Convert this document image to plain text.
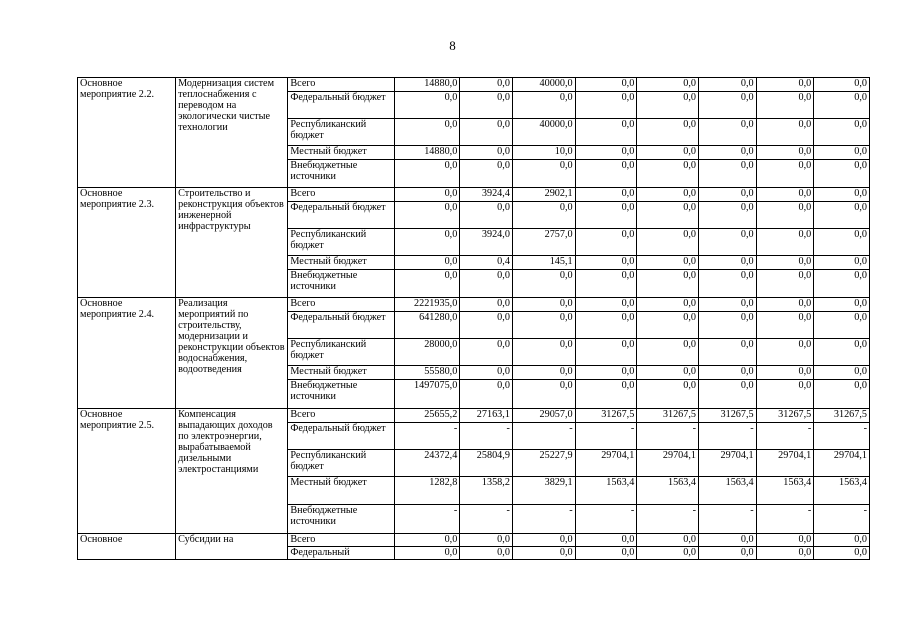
8
Основное мероприятие 2.2.	Модернизация систем теплоснабжения с переводом на экологически чистые технологии	Всего	14880,0	0,0	40000,0	0,0	0,0	0,0	0,0	0,0
		Федеральный бюджет	0,0	0,0	0,0	0,0	0,0	0,0	0,0	0,0
		Республиканский бюджет	0,0	0,0	40000,0	0,0	0,0	0,0	0,0	0,0
		Местный бюджет	14880,0	0,0	10,0	0,0	0,0	0,0	0,0	0,0
		Внебюджетные источники	0,0	0,0	0,0	0,0	0,0	0,0	0,0	0,0
Основное мероприятие 2.3.	Строительство и реконструкция объектов инженерной инфраструктуры	Всего	0,0	3924,4	2902,1	0,0	0,0	0,0	0,0	0,0
		Федеральный бюджет	0,0	0,0	0,0	0,0	0,0	0,0	0,0	0,0
		Республиканский бюджет	0,0	3924,0	2757,0	0,0	0,0	0,0	0,0	0,0
		Местный бюджет	0,0	0,4	145,1	0,0	0,0	0,0	0,0	0,0
		Внебюджетные источники	0,0	0,0	0,0	0,0	0,0	0,0	0,0	0,0
Основное мероприятие 2.4.	Реализация мероприятий по строительству, модернизации и реконструкции объектов водоснабжения, водоотведения	Всего	2221935,0	0,0	0,0	0,0	0,0	0,0	0,0	0,0
		Федеральный бюджет	641280,0	0,0	0,0	0,0	0,0	0,0	0,0	0,0
		Республиканский бюджет	28000,0	0,0	0,0	0,0	0,0	0,0	0,0	0,0
		Местный бюджет	55580,0	0,0	0,0	0,0	0,0	0,0	0,0	0,0
		Внебюджетные источники	1497075,0	0,0	0,0	0,0	0,0	0,0	0,0	0,0
Основное мероприятие 2.5.	Компенсация выпадающих доходов по электроэнергии, вырабатываемой дизельными электростанциями	Всего	25655,2	27163,1	29057,0	31267,5	31267,5	31267,5	31267,5	31267,5
		Федеральный бюджет	-	-	-	-	-	-	-	-
		Республиканский бюджет	24372,4	25804,9	25227,9	29704,1	29704,1	29704,1	29704,1	29704,1
		Местный бюджет	1282,8	1358,2	3829,1	1563,4	1563,4	1563,4	1563,4	1563,4
		Внебюджетные источники	-	-	-	-	-	-	-	-
Основное	Субсидии на	Всего	0,0	0,0	0,0	0,0	0,0	0,0	0,0	0,0
		Федеральный	0,0	0,0	0,0	0,0	0,0	0,0	0,0	0,0
